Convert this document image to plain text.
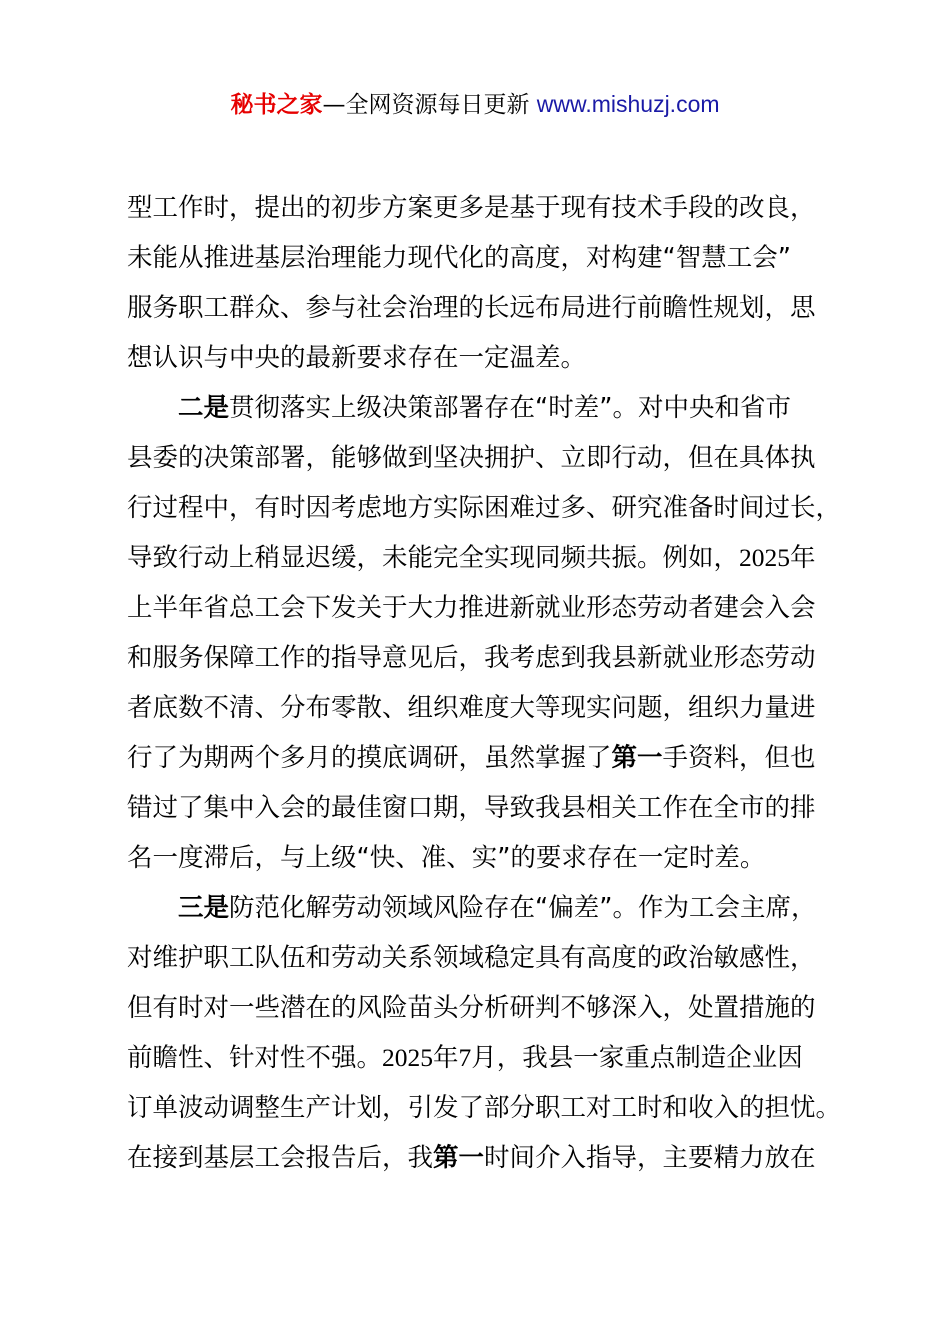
秘书之家—全网资源每日更新 www.mishuzj.com
型工作时，提出的初步方案更多是基于现有技术手段的改良，
未能从推进基层治理能力现代化的高度，对构建“智慧工会”
服务职工群众、参与社会治理的长远布局进行前瞻性规划，思
想认识与中央的最新要求存在一定温差。
二是贯彻落实上级决策部署存在“时差”。对中央和省市
县委的决策部署，能够做到坚决拥护、立即行动，但在具体执
行过程中，有时因考虑地方实际困难过多、研究准备时间过长，
导致行动上稍显迟缓，未能完全实现同频共振。例如，2025年
上半年省总工会下发关于大力推进新就业形态劳动者建会入会
和服务保障工作的指导意见后，我考虑到我县新就业形态劳动
者底数不清、分布零散、组织难度大等现实问题，组织力量进
行了为期两个多月的摸底调研，虽然掌握了第一手资料，但也
错过了集中入会的最佳窗口期，导致我县相关工作在全市的排
名一度滞后，与上级“快、准、实”的要求存在一定时差。
三是防范化解劳动领域风险存在“偏差”。作为工会主席，
对维护职工队伍和劳动关系领域稳定具有高度的政治敏感性，
但有时对一些潜在的风险苗头分析研判不够深入，处置措施的
前瞻性、针对性不强。2025年7月，我县一家重点制造企业因
订单波动调整生产计划，引发了部分职工对工时和收入的担忧。
在接到基层工会报告后，我第一时间介入指导，主要精力放在
